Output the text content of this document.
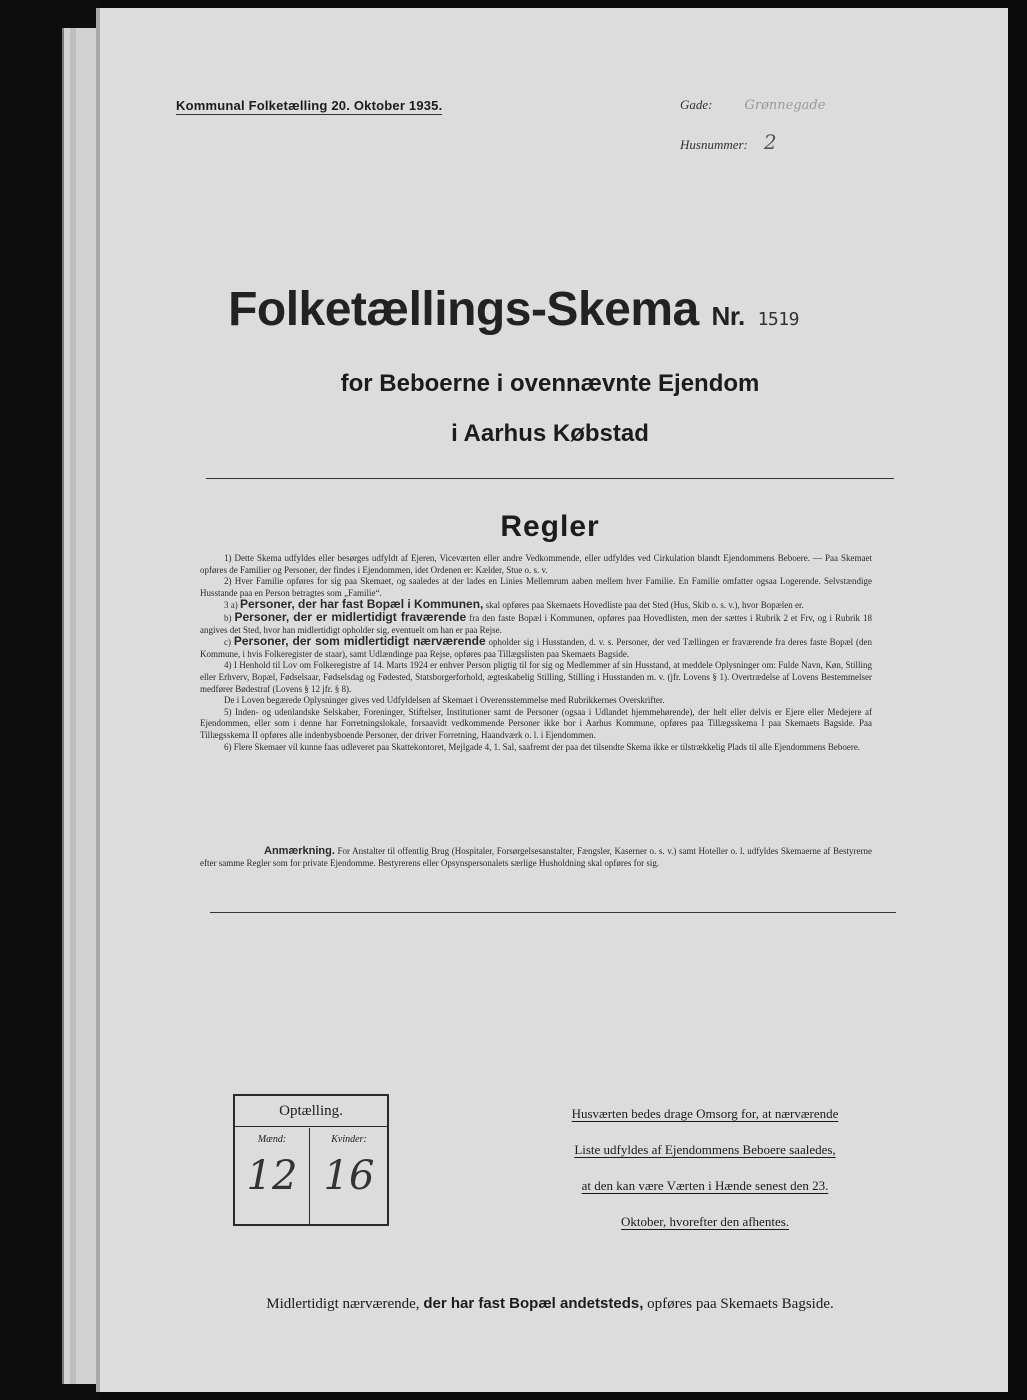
Kommunal Folketælling 20. Oktober 1935.	Gade: Grønnegade
Husnummer: 2
Folketællings-Skema Nr. 1519
for Beboerne i ovennævnte Ejendom
i Aarhus Købstad
Regler

1) Dette Skema udfyldes eller besørges udfyldt af Ejeren, Viceværten eller andre Vedkommende, eller udfyldes ved Cirkulation blandt Ejendommens Beboere. — Paa Skemaet opføres de Familier og Personer, der findes i Ejendommen, idet Ordenen er: Kælder, Stue o. s. v.

2) Hver Familie opføres for sig paa Skemaet, og saaledes at der lades en Linies Mellemrum aaben mellem hver Familie. En Familie omfatter ogsaa Logerende. Selvstændige Husstande paa en Person betragtes som „Familie“.

3 a) Personer, der har fast Bopæl i Kommunen, skal opføres paa Skemaets Hovedliste paa det Sted (Hus, Skib o. s. v.), hvor Bopælen er.

b) Personer, der er midlertidigt fraværende fra den faste Bopæl i Kommunen, opføres paa Hovedlisten, men der sættes i Rubrik 2 et Frv, og i Rubrik 18 angives det Sted, hvor han midlertidigt opholder sig, eventuelt om han er paa Rejse.

c) Personer, der som midlertidigt nærværende opholder sig i Husstanden, d. v. s. Personer, der ved Tællingen er fraværende fra deres faste Bopæl (den Kommune, i hvis Folkeregister de staar), samt Udlændinge paa Rejse, opføres paa Tillægslisten paa Skemaets Bagside.

4) I Henhold til Lov om Folkeregistre af 14. Marts 1924 er enhver Person pligtig til for sig og Medlemmer af sin Husstand, at meddele Oplysninger om: Fulde Navn, Køn, Stilling eller Erhverv, Bopæl, Fødselsaar, Fødselsdag og Fødested, Statsborgerforhold, ægteskabelig Stilling, Stilling i Husstanden m. v. (jfr. Lovens § 1). Overtrædelse af Lovens Bestemmelser medfører Bødestraf (Lovens § 12 jfr. § 8).

De i Loven begærede Oplysninger gives ved Udfyldelsen af Skemaet i Overensstemmelse med Rubrikkernes Overskrifter.

5) Inden- og udenlandske Selskaber, Foreninger, Stiftelser, Institutioner samt de Personer (ogsaa i Udlandet hjemmehørende), der helt eller delvis er Ejere eller Medejere af Ejendommen, eller som i denne har Forretningslokale, forsaavidt vedkommende Personer ikke bor i Aarhus Kommune, opføres paa Tillægsskema I paa Skemaets Bagside. Paa Tillægsskema II opføres alle indenbysboende Personer, der driver Forretning, Haandværk o. l. i Ejendommen.

6) Flere Skemaer vil kunne faas udleveret paa Skattekontoret, Mejlgade 4, 1. Sal, saafremt der paa det tilsendte Skema ikke er tilstrækkelig Plads til alle Ejendommens Beboere.

Anmærkning. For Anstalter til offentlig Brug (Hospitaler, Forsørgelsesanstalter, Fængsler, Kaserner o. s. v.) samt Hoteller o. l. udfyldes Skemaerne af Bestyrerne efter samme Regler som for private Ejendomme. Bestyrerens eller Opsynspersonalets særlige Husholdning skal opføres for sig.

Optælling.
Mænd:
12
Kvinder:
16
Husværten bedes drage Omsorg for, at nærværende
Liste udfyldes af Ejendommens Beboere saaledes,
at den kan være Værten i Hænde senest den 23.
Oktober, hvorefter den afhentes.
Midlertidigt nærværende, der har fast Bopæl andetsteds, opføres paa Skemaets Bagside.
